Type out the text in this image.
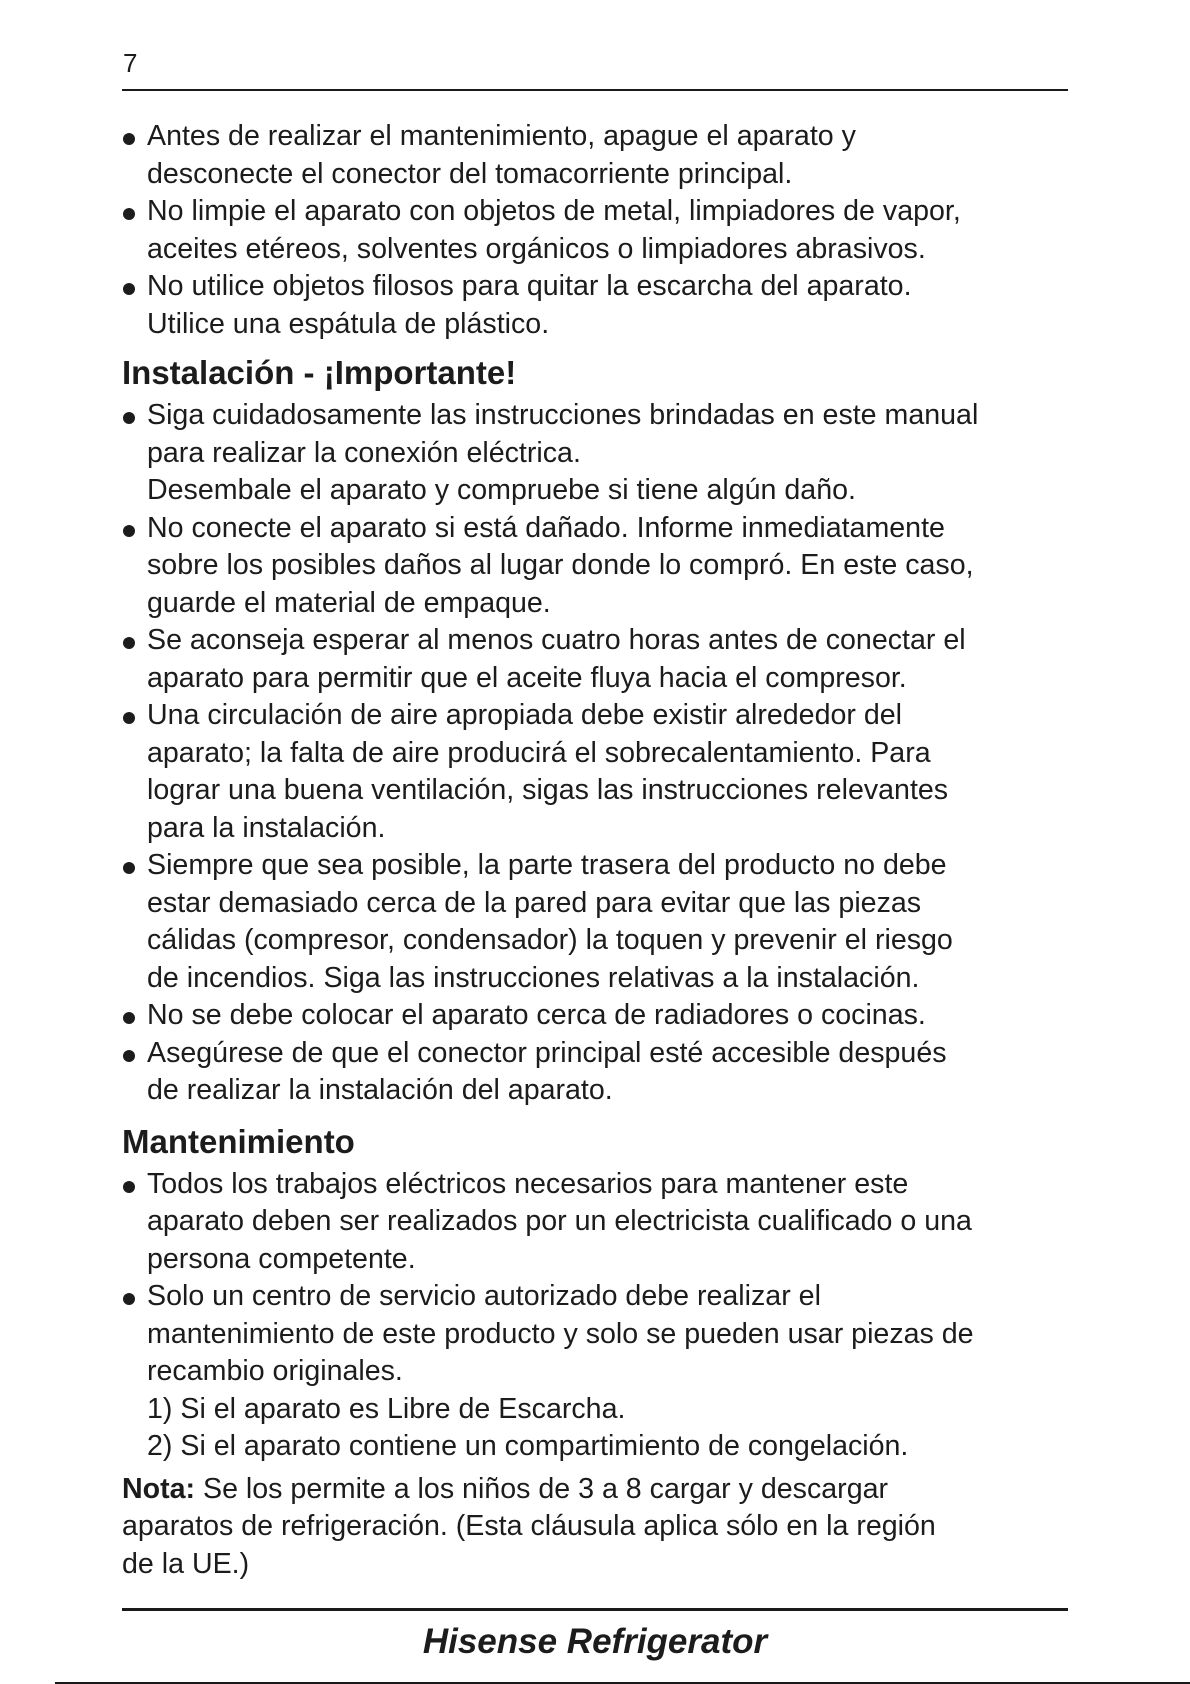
7
Antes de realizar el mantenimiento, apague el aparato y
desconecte el conector del tomacorriente principal.
No limpie el aparato con objetos de metal, limpiadores de vapor,
aceites etéreos, solventes orgánicos o limpiadores abrasivos.
No utilice objetos filosos para quitar la escarcha del aparato.
Utilice una espátula de plástico.
Instalación - ¡Importante!
Siga cuidadosamente las instrucciones brindadas en este manual
para realizar la conexión eléctrica.
Desembale el aparato y compruebe si tiene algún daño.
No conecte el aparato si está dañado. Informe inmediatamente
sobre los posibles daños al lugar donde lo compró. En este caso,
guarde el material de empaque.
Se aconseja esperar al menos cuatro horas antes de conectar el
aparato para permitir que el aceite fluya hacia el compresor.
Una circulación de aire apropiada debe existir alrededor del
aparato; la falta de aire producirá el sobrecalentamiento. Para
lograr una buena ventilación, sigas las instrucciones relevantes
para la instalación.
Siempre que sea posible, la parte trasera del producto no debe
estar demasiado cerca de la pared para evitar que las piezas
cálidas (compresor, condensador) la toquen y prevenir el riesgo
de incendios. Siga las instrucciones relativas a la instalación.
No se debe colocar el aparato cerca de radiadores o cocinas.
Asegúrese de que el conector principal esté accesible después
de realizar la instalación del aparato.
Mantenimiento
Todos los trabajos eléctricos necesarios para mantener este
aparato deben ser realizados por un electricista cualificado o una
persona competente.
Solo un centro de servicio autorizado debe realizar el
mantenimiento de este producto y solo se pueden usar piezas de
recambio originales.
1) Si el aparato es Libre de Escarcha.
2) Si el aparato contiene un compartimiento de congelación.
Nota: Se los permite a los niños de 3 a 8 cargar y descargar
aparatos de refrigeración. (Esta cláusula aplica sólo en la región
de la UE.)
Hisense Refrigerator
